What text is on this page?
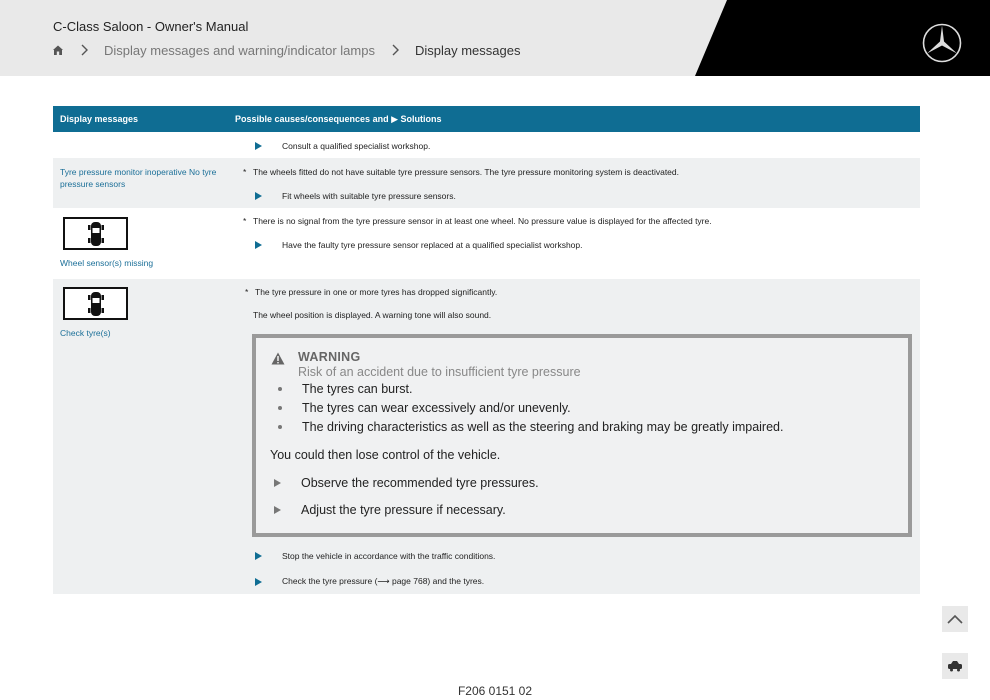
C-Class Saloon - Owner's Manual
Display messages and warning/indicator lamps	Display messages
Display messages	Possible causes/consequences and ▶ Solutions
Consult a qualified specialist workshop.
Tyre pressure monitor inoperative No tyre pressure sensors
* The wheels fitted do not have suitable tyre pressure sensors. The tyre pressure monitoring system is deactivated.
Fit wheels with suitable tyre pressure sensors.
Wheel sensor(s) missing
* There is no signal from the tyre pressure sensor in at least one wheel. No pressure value is displayed for the affected tyre.
Have the faulty tyre pressure sensor replaced at a qualified specialist workshop.
Check tyre(s)
* The tyre pressure in one or more tyres has dropped significantly.
The wheel position is displayed. A warning tone will also sound.
WARNING
Risk of an accident due to insufficient tyre pressure
The tyres can burst.
The tyres can wear excessively and/or unevenly.
The driving characteristics as well as the steering and braking may be greatly impaired.
You could then lose control of the vehicle.
Observe the recommended tyre pressures.
Adjust the tyre pressure if necessary.
Stop the vehicle in accordance with the traffic conditions.
Check the tyre pressure (⟶ page 768) and the tyres.
F206 0151 02
